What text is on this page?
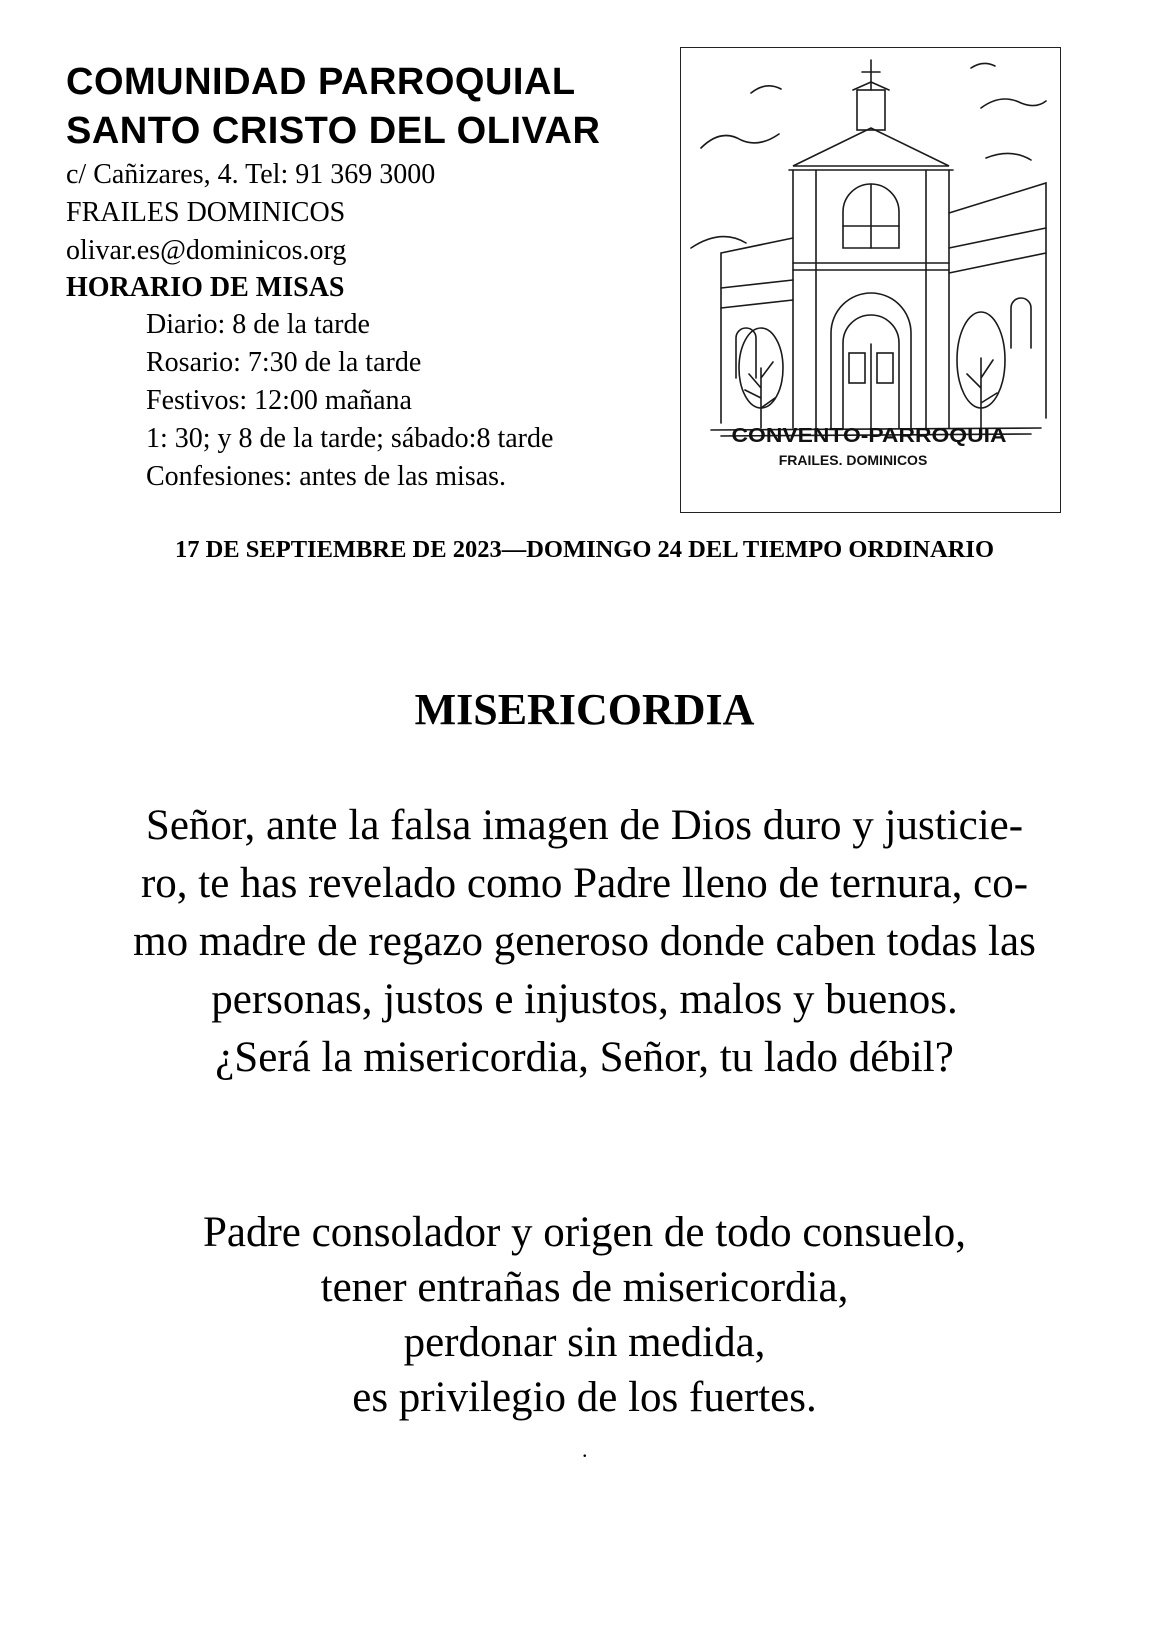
COMUNIDAD PARROQUIAL
SANTO CRISTO DEL OLIVAR
c/ Cañizares, 4. Tel: 91 369 3000
FRAILES DOMINICOS
olivar.es@dominicos.org
HORARIO DE MISAS
Diario: 8 de la tarde
Rosario: 7:30 de la tarde
Festivos: 12:00 mañana
1: 30; y 8 de la tarde; sábado:8 tarde
Confesiones: antes de las misas.
CONVENTO-PARROQUIA
FRAILES. DOMINICOS
17 DE SEPTIEMBRE DE 2023—DOMINGO 24 DEL TIEMPO ORDINARIO
MISERICORDIA
Señor, ante la falsa imagen de Dios duro y justicie-
ro, te has revelado como Padre lleno de ternura, co-
mo madre de regazo generoso donde caben todas las
personas, justos e injustos, malos y buenos.
¿Será la misericordia, Señor, tu lado débil?
Padre consolador y origen de todo consuelo,
tener entrañas de misericordia,
perdonar sin medida,
es privilegio de los fuertes.
.
